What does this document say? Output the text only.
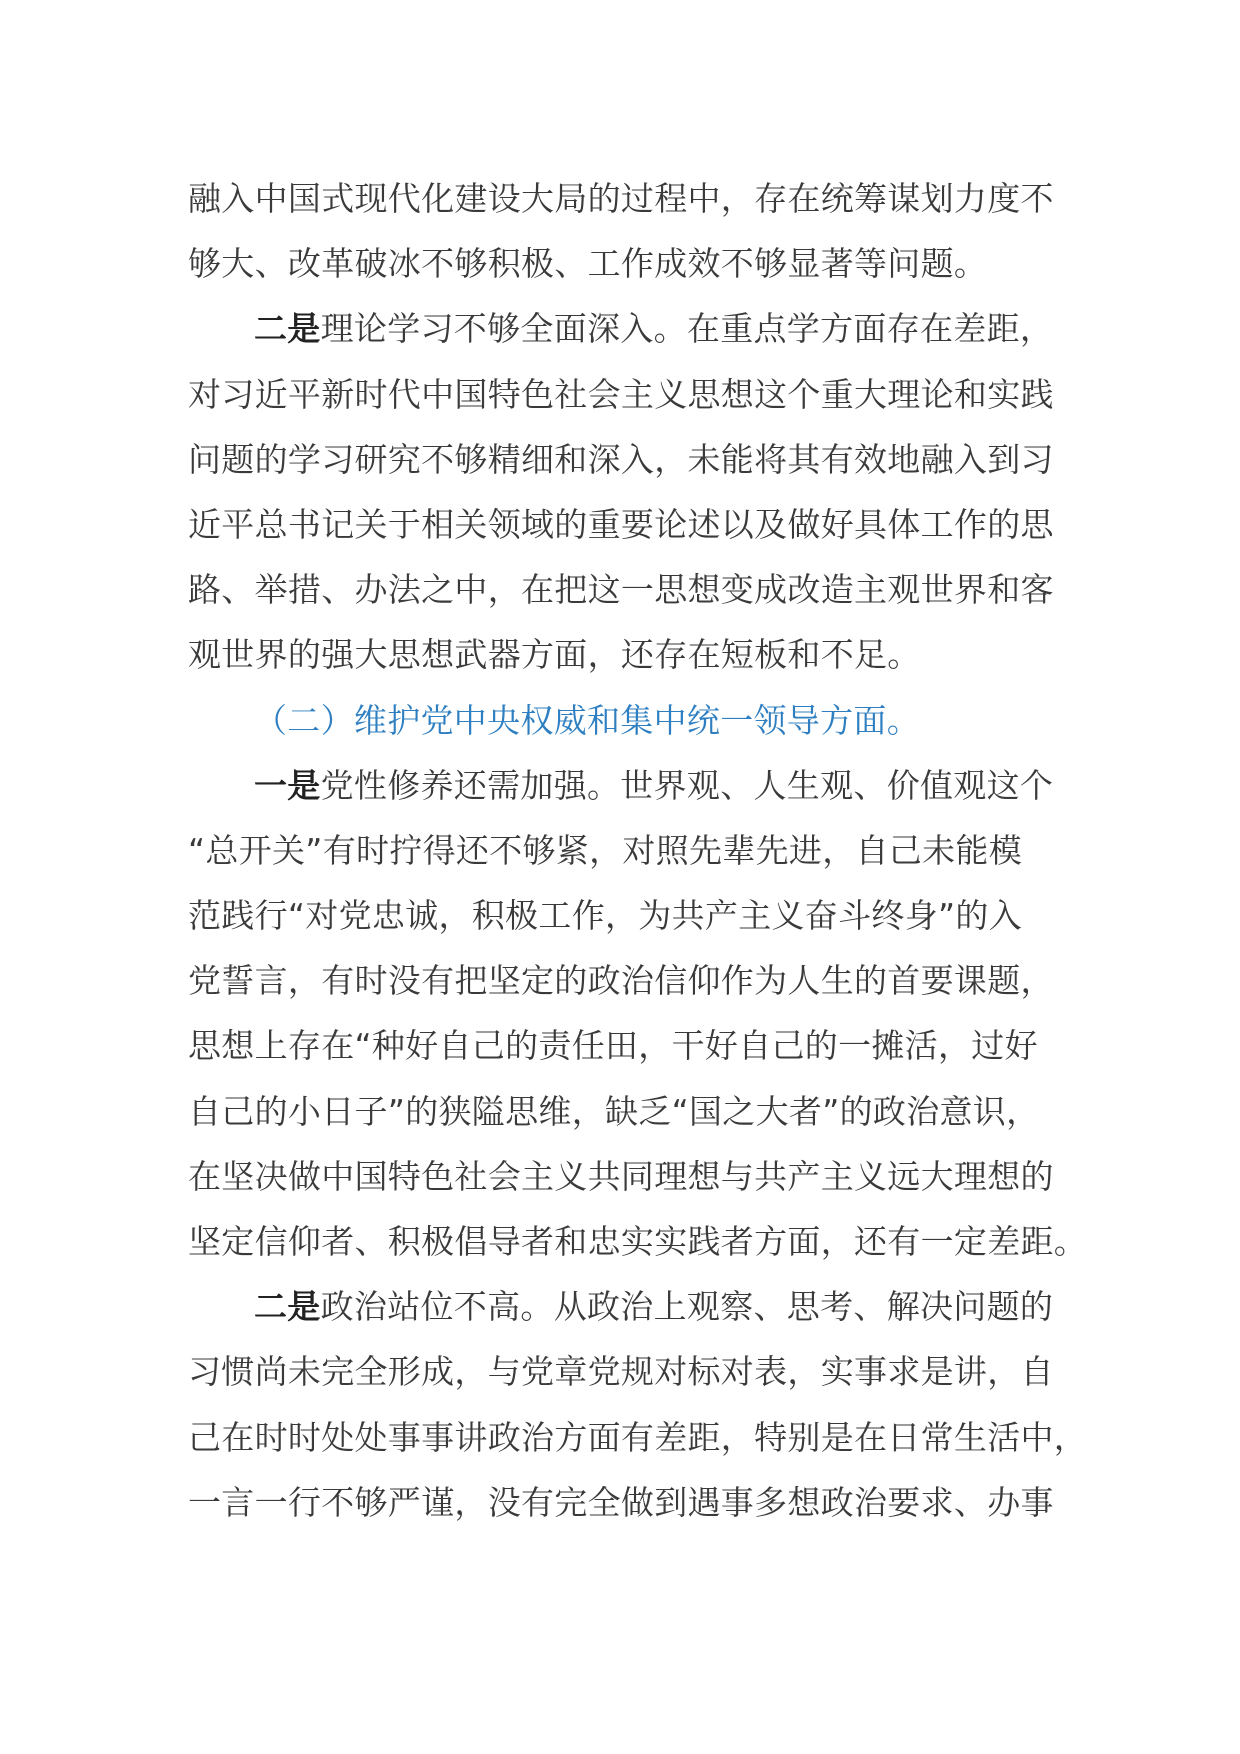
融入中国式现代化建设大局的过程中，存在统筹谋划力度不
够大、改革破冰不够积极、工作成效不够显著等问题。
二是理论学习不够全面深入。在重点学方面存在差距，
对习近平新时代中国特色社会主义思想这个重大理论和实践
问题的学习研究不够精细和深入，未能将其有效地融入到习
近平总书记关于相关领域的重要论述以及做好具体工作的思
路、举措、办法之中，在把这一思想变成改造主观世界和客
观世界的强大思想武器方面，还存在短板和不足。
（二）维护党中央权威和集中统一领导方面。
一是党性修养还需加强。世界观、人生观、价值观这个
“总开关”有时拧得还不够紧，对照先辈先进，自己未能模
范践行“对党忠诚，积极工作，为共产主义奋斗终身”的入
党誓言，有时没有把坚定的政治信仰作为人生的首要课题，
思想上存在“种好自己的责任田，干好自己的一摊活，过好
自己的小日子”的狭隘思维，缺乏“国之大者”的政治意识，
在坚决做中国特色社会主义共同理想与共产主义远大理想的
坚定信仰者、积极倡导者和忠实实践者方面，还有一定差距。
二是政治站位不高。从政治上观察、思考、解决问题的
习惯尚未完全形成，与党章党规对标对表，实事求是讲，自
己在时时处处事事讲政治方面有差距，特别是在日常生活中，
一言一行不够严谨，没有完全做到遇事多想政治要求、办事
